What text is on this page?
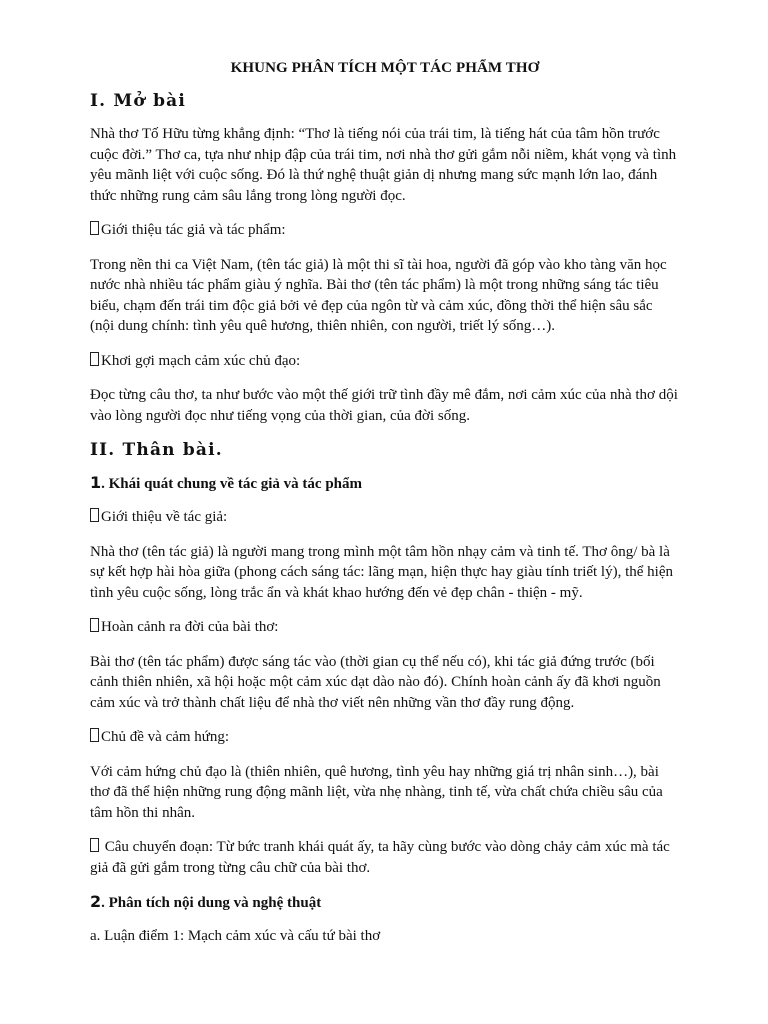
KHUNG PHÂN TÍCH MỘT TÁC PHẨM THƠ
I. Mở bài

Nhà thơ Tố Hữu từng khẳng định: “Thơ là tiếng nói của trái tim, là tiếng hát của tâm hồn trước cuộc đời.” Thơ ca, tựa như nhịp đập của trái tim, nơi nhà thơ gửi gắm nỗi niềm, khát vọng và tình yêu mãnh liệt với cuộc sống. Đó là thứ nghệ thuật giản dị nhưng mang sức mạnh lớn lao, đánh thức những rung cảm sâu lắng trong lòng người đọc.

Giới thiệu tác giả và tác phẩm:

Trong nền thi ca Việt Nam, (tên tác giả) là một thi sĩ tài hoa, người đã góp vào kho tàng văn học nước nhà nhiều tác phẩm giàu ý nghĩa. Bài thơ (tên tác phẩm) là một trong những sáng tác tiêu biểu, chạm đến trái tim độc giả bởi vẻ đẹp của ngôn từ và cảm xúc, đồng thời thể hiện sâu sắc (nội dung chính: tình yêu quê hương, thiên nhiên, con người, triết lý sống…).

Khơi gợi mạch cảm xúc chủ đạo:

Đọc từng câu thơ, ta như bước vào một thế giới trữ tình đầy mê đắm, nơi cảm xúc của nhà thơ dội vào lòng người đọc như tiếng vọng của thời gian, của đời sống.

II. Thân bài.
1. Khái quát chung về tác giả và tác phẩm

Giới thiệu về tác giả:

Nhà thơ (tên tác giả) là người mang trong mình một tâm hồn nhạy cảm và tinh tế. Thơ ông/ bà là sự kết hợp hài hòa giữa (phong cách sáng tác: lãng mạn, hiện thực hay giàu tính triết lý), thể hiện tình yêu cuộc sống, lòng trắc ẩn và khát khao hướng đến vẻ đẹp chân - thiện - mỹ.

Hoàn cảnh ra đời của bài thơ:

Bài thơ (tên tác phẩm) được sáng tác vào (thời gian cụ thể nếu có), khi tác giả đứng trước (bối cảnh thiên nhiên, xã hội hoặc một cảm xúc dạt dào nào đó). Chính hoàn cảnh ấy đã khơi nguồn cảm xúc và trở thành chất liệu để nhà thơ viết nên những vần thơ đầy rung động.

Chủ đề và cảm hứng:

Với cảm hứng chủ đạo là (thiên nhiên, quê hương, tình yêu hay những giá trị nhân sinh…), bài thơ đã thể hiện những rung động mãnh liệt, vừa nhẹ nhàng, tinh tế, vừa chất chứa chiều sâu của tâm hồn thi nhân.

Câu chuyển đoạn: Từ bức tranh khái quát ấy, ta hãy cùng bước vào dòng chảy cảm xúc mà tác giả đã gửi gắm trong từng câu chữ của bài thơ.

2. Phân tích nội dung và nghệ thuật

a. Luận điểm 1: Mạch cảm xúc và cấu tứ bài thơ
